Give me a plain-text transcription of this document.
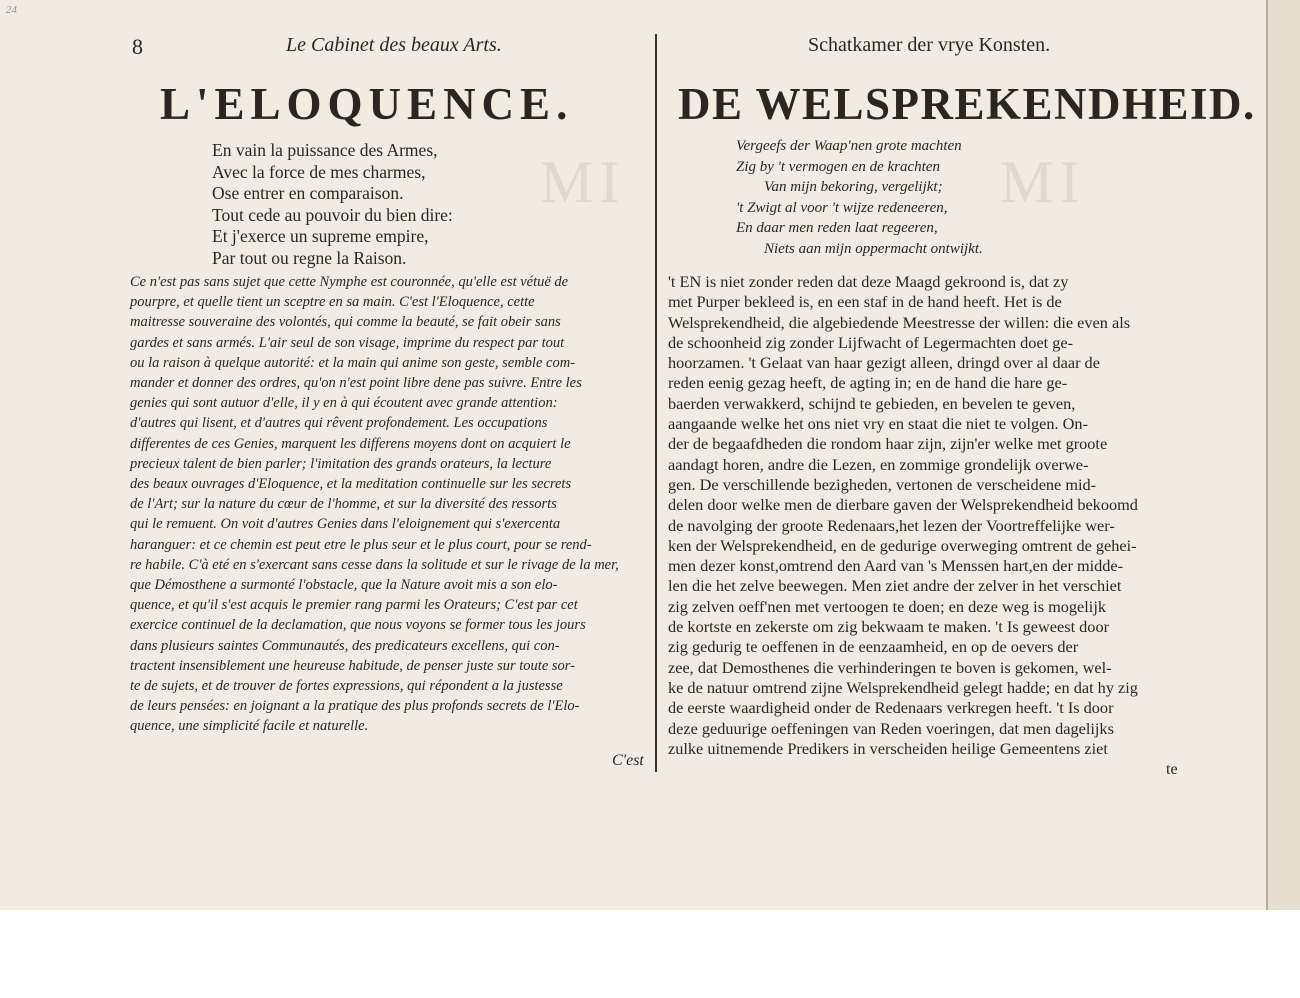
24
MI	MI
8	Le Cabinet des beaux Arts.
L'ELOQUENCE.
En vain la puissance des Armes,
Avec la force de mes charmes,
Ose entrer en comparaison.
Tout cede au pouvoir du bien dire:
Et j'exerce un supreme empire,
Par tout ou regne la Raison.
Ce n'est pas sans sujet que cette Nymphe est couronnée, qu'elle est vétuë de
pourpre, et quelle tient un sceptre en sa main. C'est l'Eloquence, cette
maitresse souveraine des volontés, qui comme la beauté, se fait obeir sans
gardes et sans armés. L'air seul de son visage, imprime du respect par tout
ou la raison à quelque autorité: et la main qui anime son geste, semble com-
mander et donner des ordres, qu'on n'est point libre dene pas suivre. Entre les
genies qui sont autuor d'elle, il y en à qui écoutent avec grande attention:
d'autres qui lisent, et d'autres qui rêvent profondement. Les occupations
differentes de ces Genies, marquent les differens moyens dont on acquiert le
precieux talent de bien parler; l'imitation des grands orateurs, la lecture
des beaux ouvrages d'Eloquence, et la meditation continuelle sur les secrets
de l'Art; sur la nature du cœur de l'homme, et sur la diversité des ressorts
qui le remuent. On voit d'autres Genies dans l'eloignement qui s'exercenta
haranguer: et ce chemin est peut etre le plus seur et le plus court, pour se rend-
re habile. C'à eté en s'exercant sans cesse dans la solitude et sur le rivage de la mer,
que Démosthene a surmonté l'obstacle, que la Nature avoit mis a son elo-
quence, et qu'il s'est acquis le premier rang parmi les Orateurs; C'est par cet
exercice continuel de la declamation, que nous voyons se former tous les jours
dans plusieurs saintes Communautés, des predicateurs excellens, qui con-
tractent insensiblement une heureuse habitude, de penser juste sur toute sor-
te de sujets, et de trouver de fortes expressions, qui répondent a la justesse
de leurs pensées: en joignant a la pratique des plus profonds secrets de l'Elo-
quence, une simplicité facile et naturelle.
C'est
Schatkamer der vrye Konsten.
DE WELSPREKENDHEID.
Vergeefs der Waap'nen grote machten
Zig by 't vermogen en de krachten
Van mijn bekoring, vergelijkt;
't Zwigt al voor 't wijze redeneeren,
En daar men reden laat regeeren,
Niets aan mijn oppermacht ontwijkt.
't EN is niet zonder reden dat deze Maagd gekroond is, dat zy
met Purper bekleed is, en een staf in de hand heeft. Het is de
Welsprekendheid, die algebiedende Meestresse der willen: die even als
de schoonheid zig zonder Lijfwacht of Legermachten doet ge-
hoorzamen. 't Gelaat van haar gezigt alleen, dringd over al daar de
reden eenig gezag heeft, de agting in; en de hand die hare ge-
baerden verwakkerd, schijnd te gebieden, en bevelen te geven,
aangaande welke het ons niet vry en staat die niet te volgen. On-
der de begaafdheden die rondom haar zijn, zijn'er welke met groote
aandagt horen, andre die Lezen, en zommige grondelijk overwe-
gen. De verschillende bezigheden, vertonen de verscheidene mid-
delen door welke men de dierbare gaven der Welsprekendheid bekoomd
de navolging der groote Redenaars,het lezen der Voortreffelijke wer-
ken der Welsprekendheid, en de gedurige overweging omtrent de gehei-
men dezer konst,omtrend den Aard van 's Menssen hart,en der midde-
len die het zelve beewegen. Men ziet andre der zelver in het verschiet
zig zelven oeff'nen met vertoogen te doen; en deze weg is mogelijk
de kortste en zekerste om zig bekwaam te maken. 't Is geweest door
zig gedurig te oeffenen in de eenzaamheid, en op de oevers der
zee, dat Demosthenes die verhinderingen te boven is gekomen, wel-
ke de natuur omtrend zijne Welsprekendheid gelegt hadde; en dat hy zig
de eerste waardigheid onder de Redenaars verkregen heeft. 't Is door
deze geduurige oeffeningen van Reden voeringen, dat men dagelijks
zulke uitnemende Predikers in verscheiden heilige Gemeentens ziet
te
